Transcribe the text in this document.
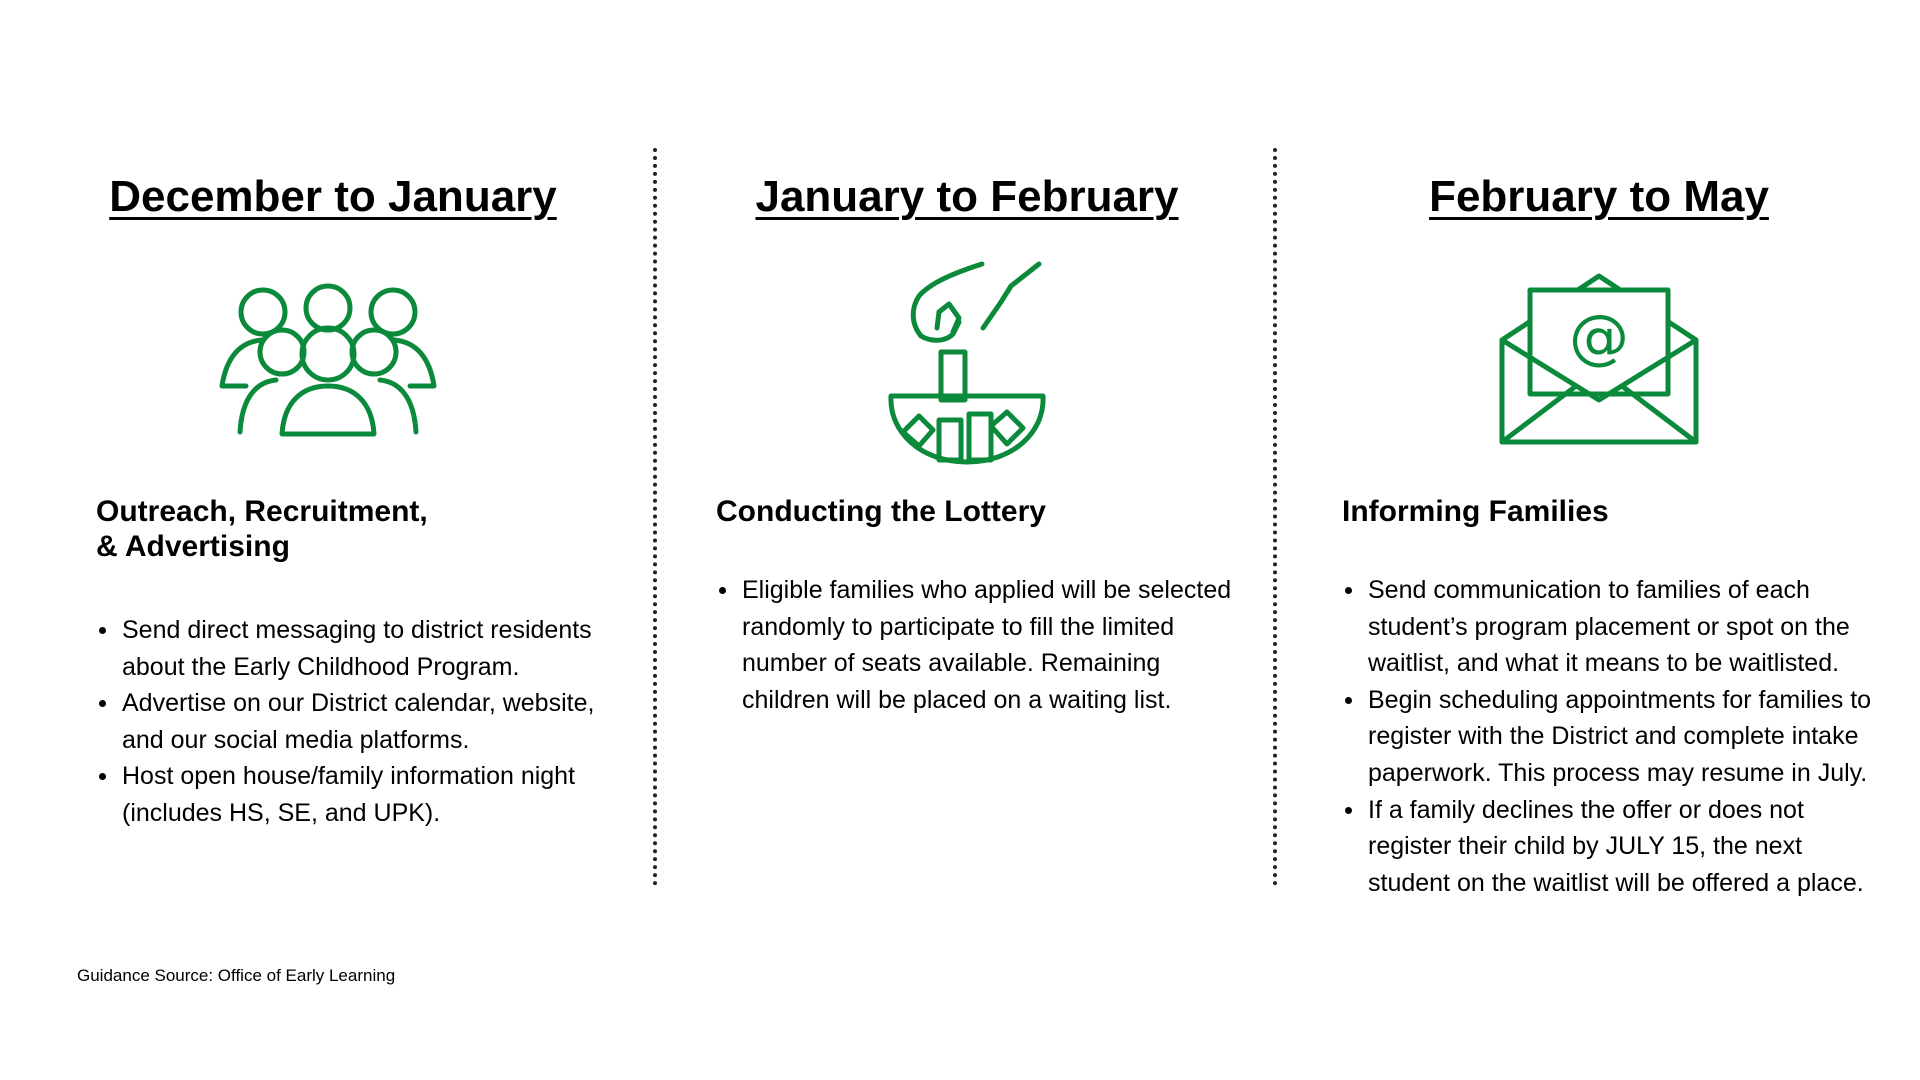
December to January
Outreach, Recruitment,
& Advertising
Send direct messaging to district residents about the Early Childhood Program.
Advertise on our District calendar, website, and our social media platforms.
Host open house/family information night (includes HS, SE, and UPK).
January to February
Conducting the Lottery
Eligible families who applied will be selected randomly to participate to fill the limited number of seats available. Remaining children will be placed on a waiting list.
February to May
@
Informing Families
Send communication to families of each student’s program placement or spot on the waitlist, and what it means to be waitlisted.
Begin scheduling appointments for families to register with the District and complete intake paperwork. This process may resume in July.
If a family declines the offer or does not register their child by JULY 15, the next student on the waitlist will be offered a place.

Guidance Source: Office of Early Learning
